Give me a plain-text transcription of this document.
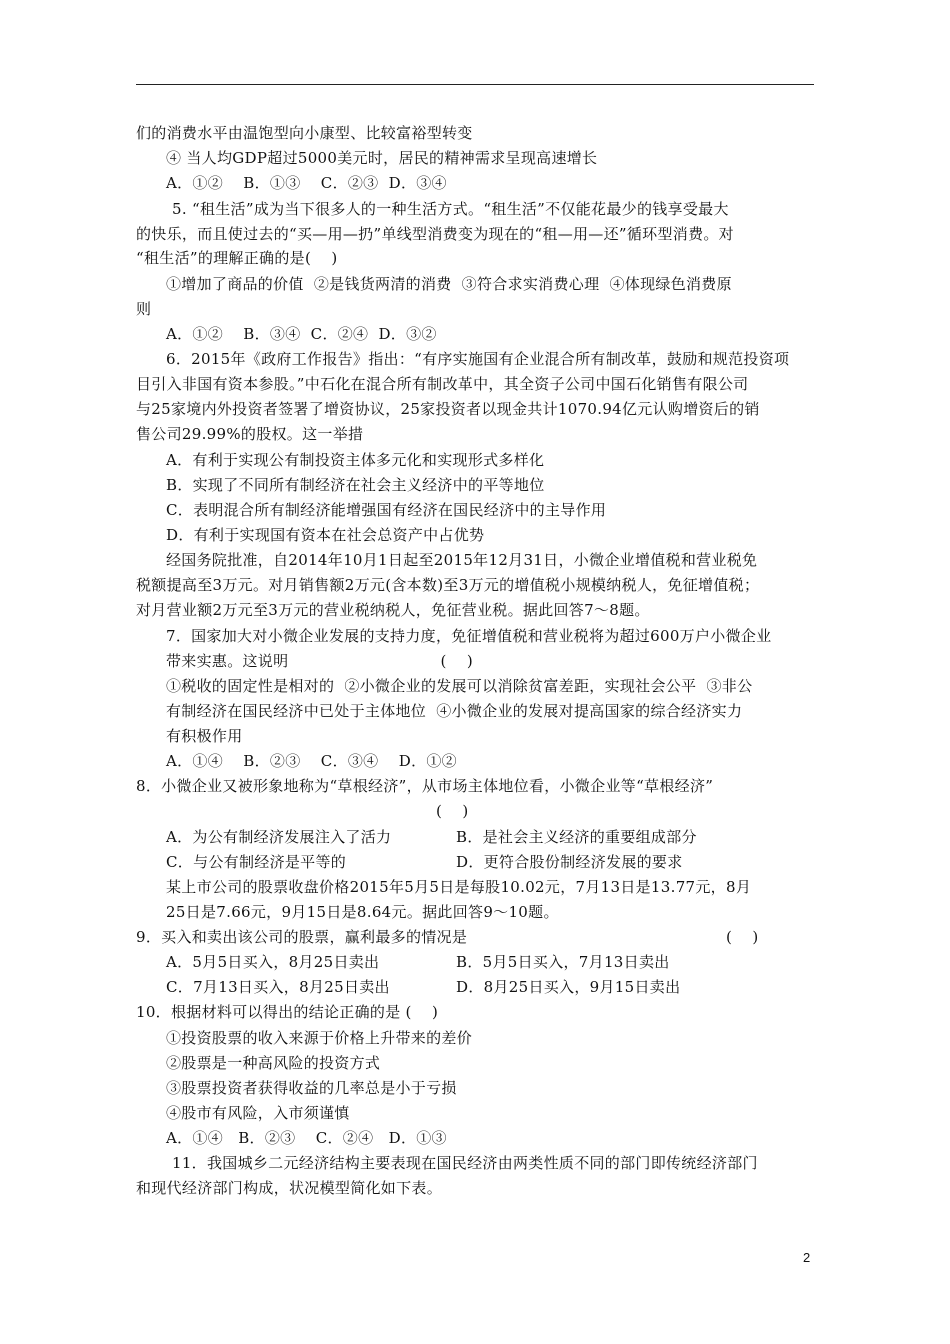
们的消费水平由温饱型向小康型、比较富裕型转变
④ 当人均GDP超过5000美元时，居民的精神需求呈现高速增长
A．①②    B．①③    C．②③  D．③④
5. “租生活”成为当下很多人的一种生活方式。“租生活”不仅能花最少的钱享受最大
的快乐，而且使过去的“买—用—扔”单线型消费变为现在的“租—用—还”循环型消费。对
“租生活”的理解正确的是(    )
①增加了商品的价值  ②是钱货两清的消费  ③符合求实消费心理  ④体现绿色消费原
则
A．①②    B．③④  C．②④  D．③②
6．2015年《政府工作报告》指出：“有序实施国有企业混合所有制改革，鼓励和规范投资项
目引入非国有资本参股。”中石化在混合所有制改革中，其全资子公司中国石化销售有限公司
与25家境内外投资者签署了增资协议，25家投资者以现金共计1070.94亿元认购增资后的销
售公司29.99%的股权。这一举措
A．有利于实现公有制投资主体多元化和实现形式多样化
B．实现了不同所有制经济在社会主义经济中的平等地位
C．表明混合所有制经济能增强国有经济在国民经济中的主导作用
D．有利于实现国有资本在社会总资产中占优势
经国务院批准，自2014年10月1日起至2015年12月31日，小微企业增值税和营业税免
税额提高至3万元。对月销售额2万元(含本数)至3万元的增值税小规模纳税人，免征增值税；
对月营业额2万元至3万元的营业税纳税人，免征营业税。据此回答7～8题。
7．国家加大对小微企业发展的支持力度，免征增值税和营业税将为超过600万户小微企业
带来实惠。这说明                              (    )
①税收的固定性是相对的  ②小微企业的发展可以消除贫富差距，实现社会公平  ③非公
有制经济在国民经济中已处于主体地位  ④小微企业的发展对提高国家的综合经济实力
有积极作用
A．①④    B．②③    C．③④    D．①②
8．小微企业又被形象地称为“草根经济”，从市场主体地位看，小微企业等“草根经济”
(    )
A．为公有制经济发展注入了活力	B．是社会主义经济的重要组成部分
C．与公有制经济是平等的	D．更符合股份制经济发展的要求
某上市公司的股票收盘价格2015年5月5日是每股10.02元，7月13日是13.77元，8月
25日是7.66元，9月15日是8.64元。据此回答9～10题。
9．买入和卖出该公司的股票，赢利最多的情况是	(    )
A．5月5日买入，8月25日卖出	B．5月5日买入，7月13日卖出
C．7月13日买入，8月25日卖出	D．8月25日买入，9月15日卖出
10．根据材料可以得出的结论正确的是 (    )
①投资股票的收入来源于价格上升带来的差价
②股票是一种高风险的投资方式
③股票投资者获得收益的几率总是小于亏损
④股市有风险，入市须谨慎
A．①④   B．②③    C．②④   D．①③
11．我国城乡二元经济结构主要表现在国民经济由两类性质不同的部门即传统经济部门
和现代经济部门构成，状况模型简化如下表。
2
